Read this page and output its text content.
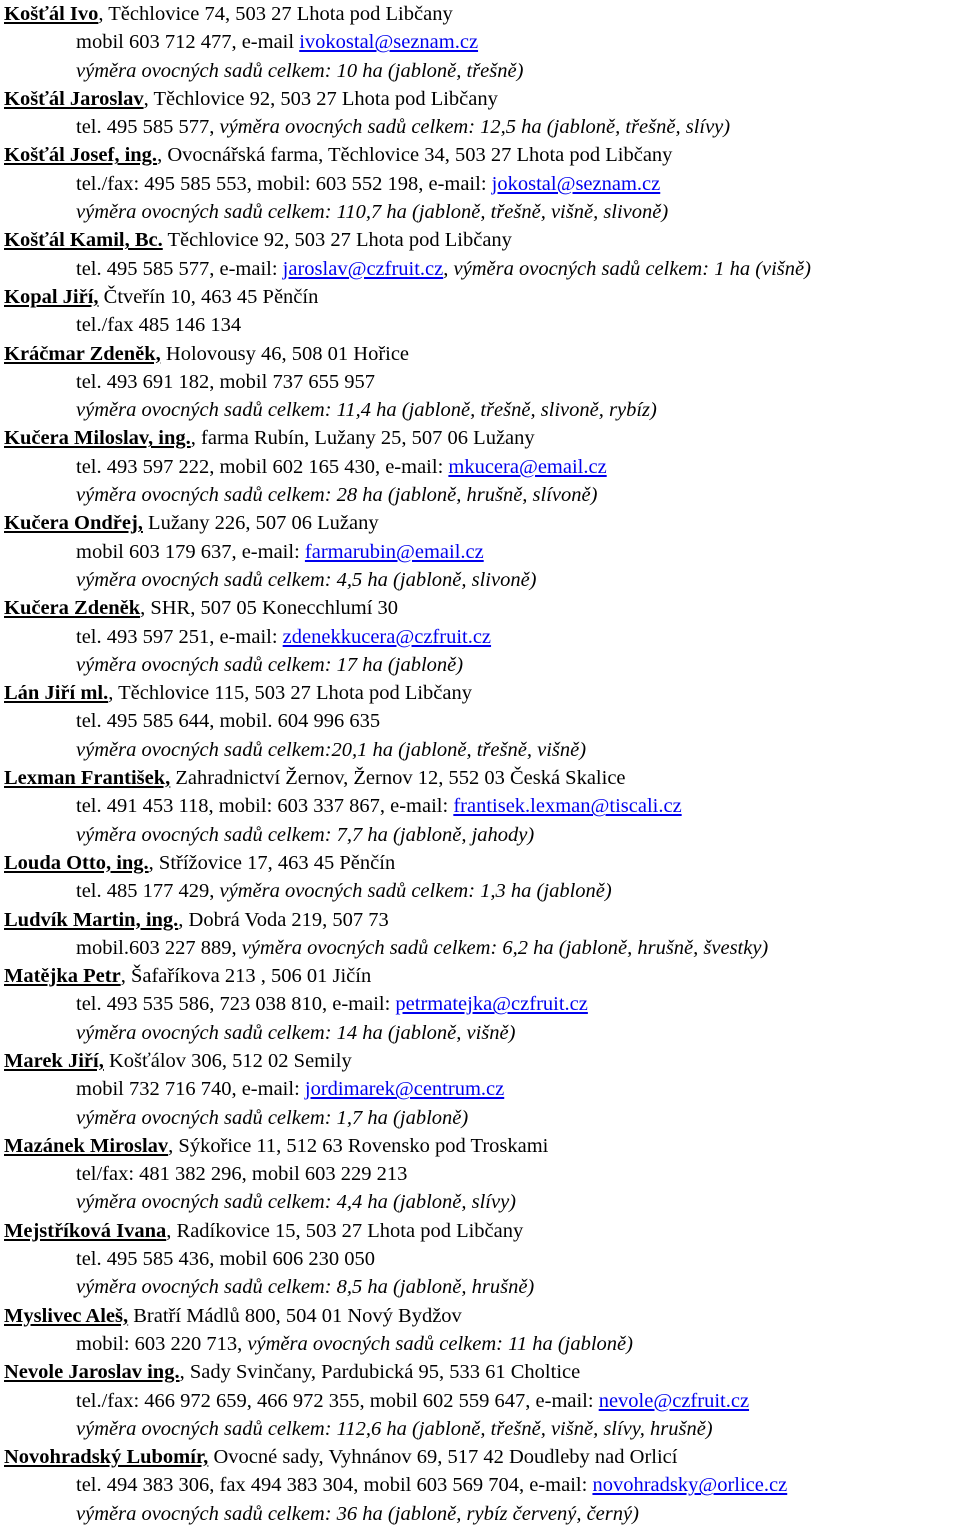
Košťál Ivo, Těchlovice 74, 503 27 Lhota pod Libčany
mobil 603 712 477, e-mail ivokostal@seznam.cz
výměra ovocných sadů celkem: 10 ha (jabloně, třešně)
Košťál Jaroslav, Těchlovice 92, 503 27 Lhota pod Libčany
tel. 495 585 577, výměra ovocných sadů celkem: 12,5 ha (jabloně, třešně, slívy)
Košťál Josef, ing., Ovocnářská farma, Těchlovice 34, 503 27 Lhota pod Libčany
tel./fax: 495 585 553, mobil: 603 552 198, e-mail: jokostal@seznam.cz
výměra ovocných sadů celkem: 110,7 ha (jabloně, třešně, višně, slivoně)
Košťál Kamil, Bc. Těchlovice 92, 503 27 Lhota pod Libčany
tel. 495 585 577, e-mail: jaroslav@czfruit.cz, výměra ovocných sadů celkem: 1 ha (višně)
Kopal Jiří, Čtveřín 10, 463 45 Pěnčín
tel./fax 485 146 134
Kráčmar Zdeněk, Holovousy 46, 508 01 Hořice
tel. 493 691 182, mobil 737 655 957
výměra ovocných sadů celkem: 11,4 ha (jabloně, třešně, slivoně, rybíz)
Kučera Miloslav, ing., farma Rubín, Lužany 25, 507 06 Lužany
tel. 493 597 222, mobil 602 165 430, e-mail: mkucera@email.cz
výměra ovocných sadů celkem: 28 ha (jabloně, hrušně, slívoně)
Kučera Ondřej, Lužany 226, 507 06 Lužany
mobil 603 179 637, e-mail: farmarubin@email.cz
výměra ovocných sadů celkem: 4,5 ha (jabloně, slivoně)
Kučera Zdeněk, SHR, 507 05 Konecchlumí 30
tel. 493 597 251, e-mail: zdenekkucera@czfruit.cz
výměra ovocných sadů celkem: 17 ha (jabloně)
Lán Jiří ml., Těchlovice 115, 503 27 Lhota pod Libčany
tel. 495 585 644, mobil. 604 996 635
výměra ovocných sadů celkem:20,1 ha (jabloně, třešně, višně)
Lexman František, Zahradnictví Žernov, Žernov 12, 552 03 Česká Skalice
tel. 491 453 118, mobil: 603 337 867, e-mail: frantisek.lexman@tiscali.cz
výměra ovocných sadů celkem: 7,7 ha (jabloně, jahody)
Louda Otto, ing., Střížovice 17, 463 45 Pěnčín
tel. 485 177 429, výměra ovocných sadů celkem: 1,3 ha (jabloně)
Ludvík Martin, ing., Dobrá Voda 219, 507 73
mobil.603 227 889, výměra ovocných sadů celkem: 6,2 ha (jabloně, hrušně, švestky)
Matějka Petr, Šafaříkova 213 , 506 01 Jičín
tel. 493 535 586, 723 038 810, e-mail: petrmatejka@czfruit.cz
výměra ovocných sadů celkem: 14 ha (jabloně, višně)
Marek Jiří, Košťálov 306, 512 02 Semily
mobil 732 716 740, e-mail: jordimarek@centrum.cz
výměra ovocných sadů celkem: 1,7 ha (jabloně)
Mazánek Miroslav, Sýkořice 11, 512 63 Rovensko pod Troskami
tel/fax: 481 382 296, mobil 603 229 213
výměra ovocných sadů celkem: 4,4 ha (jabloně, slívy)
Mejstříková Ivana, Radíkovice 15, 503 27 Lhota pod Libčany
tel. 495 585 436, mobil 606 230 050
výměra ovocných sadů celkem: 8,5 ha (jabloně, hrušně)
Myslivec Aleš, Bratří Mádlů 800, 504 01 Nový Bydžov
mobil: 603 220 713, výměra ovocných sadů celkem: 11 ha (jabloně)
Nevole Jaroslav ing., Sady Svinčany, Pardubická 95, 533 61 Choltice
tel./fax: 466 972 659, 466 972 355, mobil 602 559 647, e-mail: nevole@czfruit.cz
výměra ovocných sadů celkem: 112,6 ha (jabloně, třešně, višně, slívy, hrušně)
Novohradský Lubomír, Ovocné sady, Vyhnánov 69, 517 42 Doudleby nad Orlicí
tel. 494 383 306, fax 494 383 304, mobil 603 569 704, e-mail: novohradsky@orlice.cz
výměra ovocných sadů celkem: 36 ha (jabloně, rybíz červený, černý)
